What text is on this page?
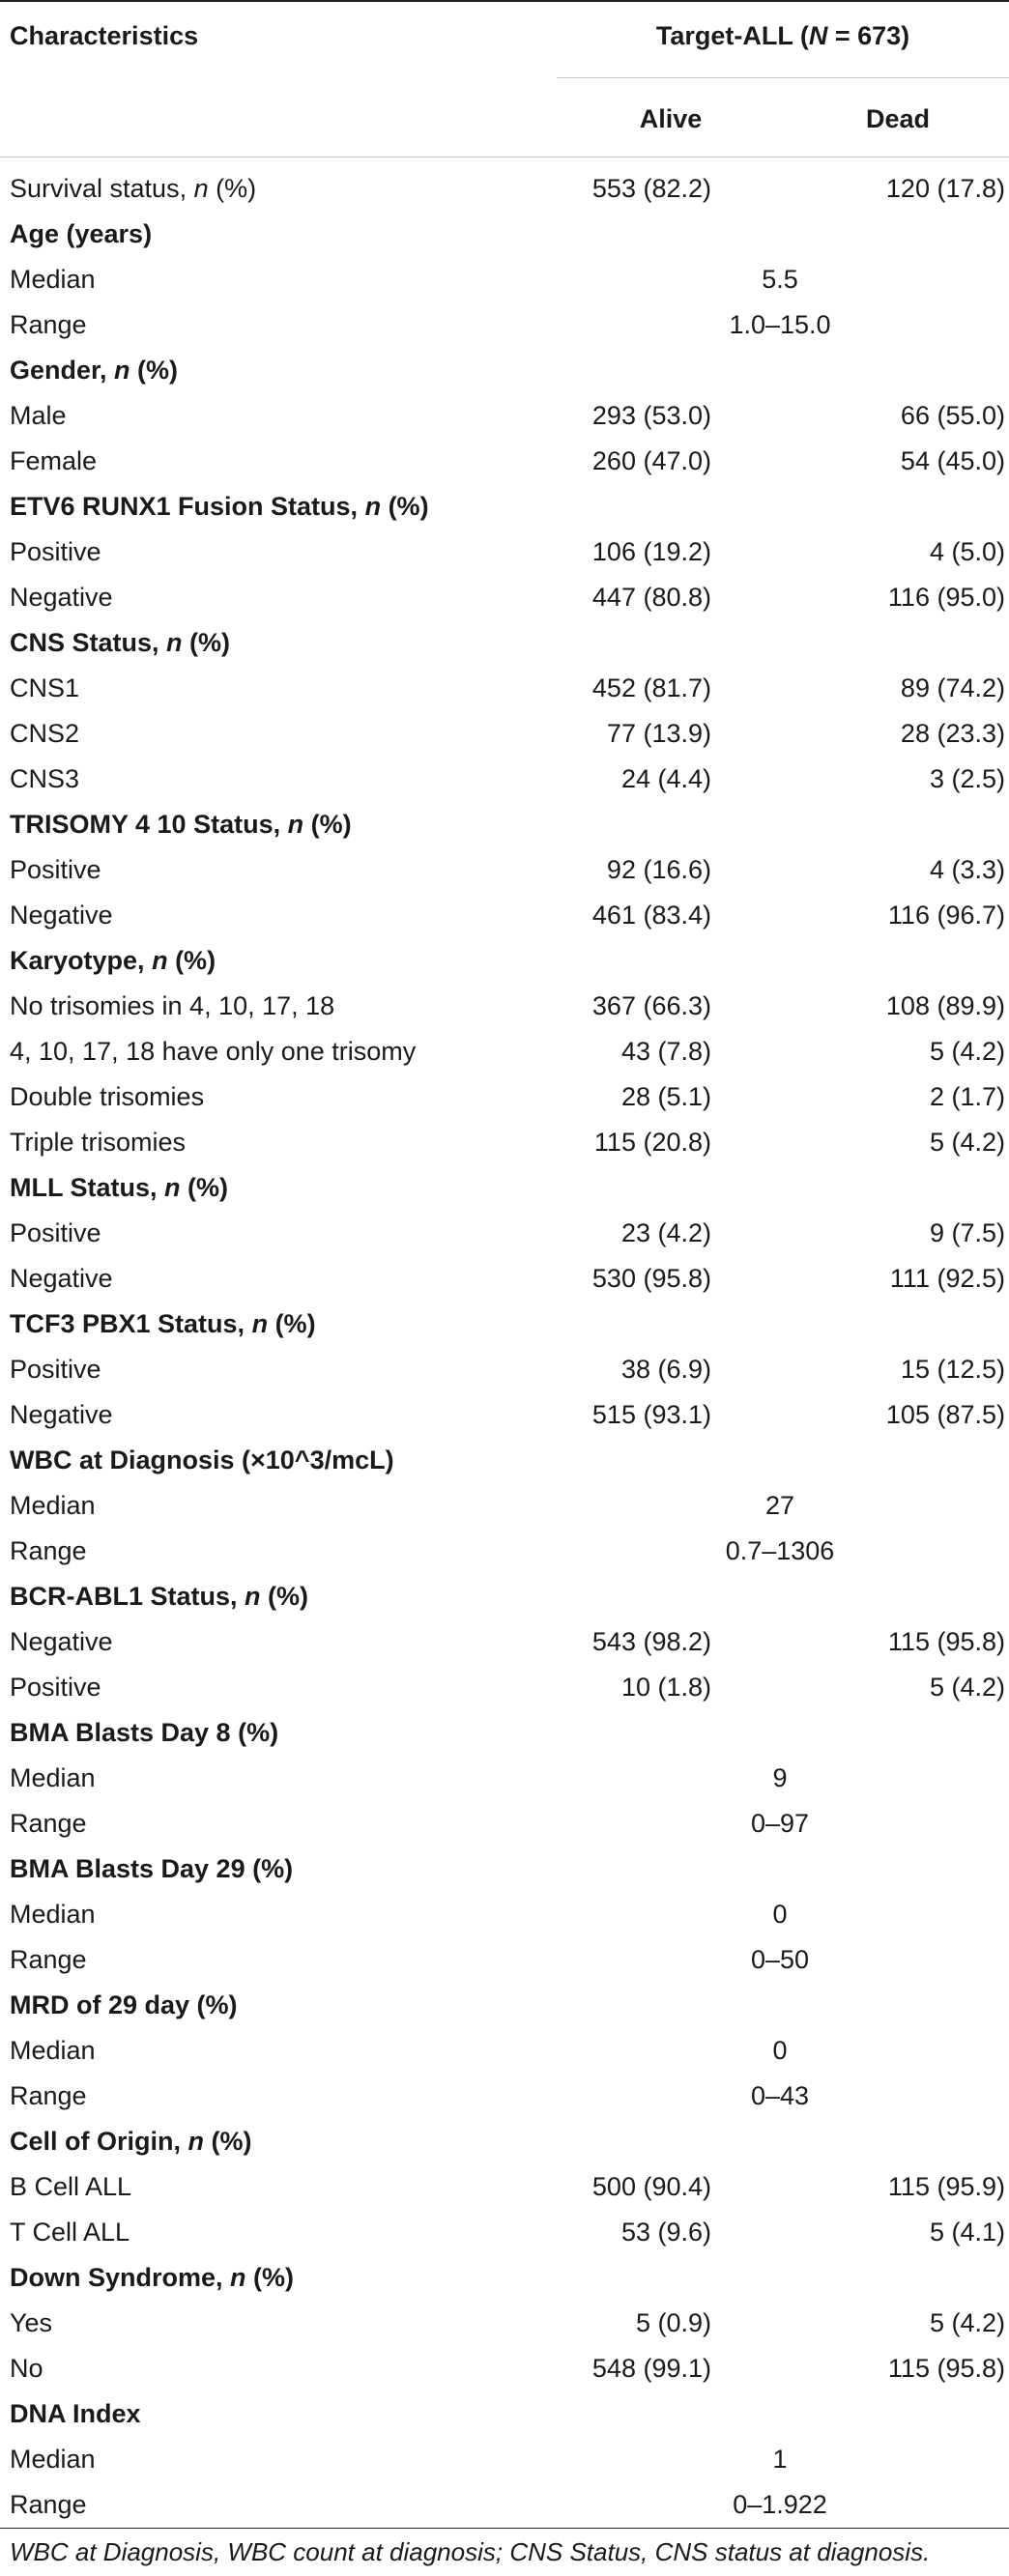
Characteristics	Target-ALL (N = 673)
Alive	Dead
Survival status, n (%)	553 (82.2)	120 (17.8)
Age (years)
Median	5.5
Range	1.0–15.0
Gender, n (%)
Male	293 (53.0)	66 (55.0)
Female	260 (47.0)	54 (45.0)
ETV6 RUNX1 Fusion Status, n (%)
Positive	106 (19.2)	4 (5.0)
Negative	447 (80.8)	116 (95.0)
CNS Status, n (%)
CNS1	452 (81.7)	89 (74.2)
CNS2	77 (13.9)	28 (23.3)
CNS3	24 (4.4)	3 (2.5)
TRISOMY 4 10 Status, n (%)
Positive	92 (16.6)	4 (3.3)
Negative	461 (83.4)	116 (96.7)
Karyotype, n (%)
No trisomies in 4, 10, 17, 18	367 (66.3)	108 (89.9)
4, 10, 17, 18 have only one trisomy	43 (7.8)	5 (4.2)
Double trisomies	28 (5.1)	2 (1.7)
Triple trisomies	115 (20.8)	5 (4.2)
MLL Status, n (%)
Positive	23 (4.2)	9 (7.5)
Negative	530 (95.8)	111 (92.5)
TCF3 PBX1 Status, n (%)
Positive	38 (6.9)	15 (12.5)
Negative	515 (93.1)	105 (87.5)
WBC at Diagnosis (×10^3/mcL)
Median	27
Range	0.7–1306
BCR-ABL1 Status, n (%)
Negative	543 (98.2)	115 (95.8)
Positive	10 (1.8)	5 (4.2)
BMA Blasts Day 8 (%)
Median	9
Range	0–97
BMA Blasts Day 29 (%)
Median	0
Range	0–50
MRD of 29 day (%)
Median	0
Range	0–43
Cell of Origin, n (%)
B Cell ALL	500 (90.4)	115 (95.9)
T Cell ALL	53 (9.6)	5 (4.1)
Down Syndrome, n (%)
Yes	5 (0.9)	5 (4.2)
No	548 (99.1)	115 (95.8)
DNA Index
Median	1
Range	0–1.922
WBC at Diagnosis, WBC count at diagnosis; CNS Status, CNS status at diagnosis.
